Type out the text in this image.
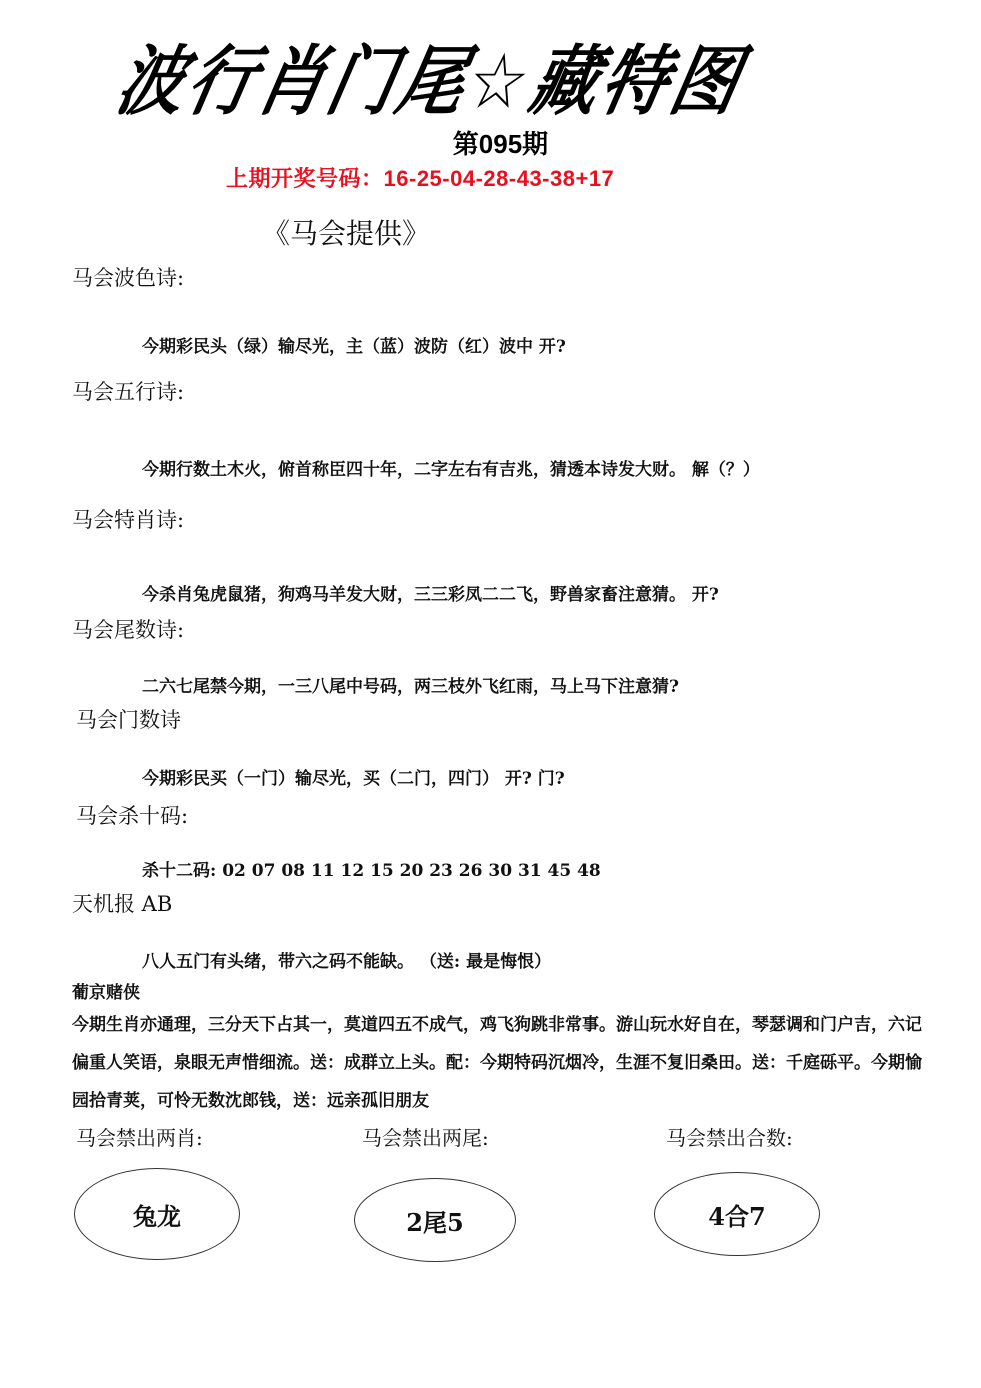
波行肖门尾☆藏特图
第095期
上期开奖号码：16-25-04-28-43-38+17
《马会提供》
马会波色诗:
今期彩民头（绿）输尽光，主（蓝）波防（红）波中 开?
马会五行诗:
今期行数土木火，俯首称臣四十年，二字左右有吉兆，猜透本诗发大财。 解（？）
马会特肖诗:
今杀肖兔虎鼠猪，狗鸡马羊发大财，三三彩凤二二飞，野兽家畜注意猜。 开?
马会尾数诗:
二六七尾禁今期，一三八尾中号码，两三枝外飞红雨，马上马下注意猜?
马会门数诗
今期彩民买（一门）输尽光，买（二门，四门） 开? 门?
马会杀十码:
杀十二码: 02 07 08 11 12 15 20 23 26 30 31 45 48
天机报 AB
八人五门有头绪，带六之码不能缺。 （送: 最是悔恨）
葡京赌侠
今期生肖亦通理，三分天下占其一，莫道四五不成气，鸡飞狗跳非常事。游山玩水好自在，琴瑟调和门户吉，六记偏重人笑语，泉眼无声惜细流。送：成群立上头。配：今期特码沉烟冷，生涯不复旧桑田。送：千庭砾平。今期愉园拾青荚，可怜无数沈郎钱，送：远亲孤旧朋友
马会禁出两肖:	马会禁出两尾:	马会禁出合数:
兔龙	2尾5	4合7
